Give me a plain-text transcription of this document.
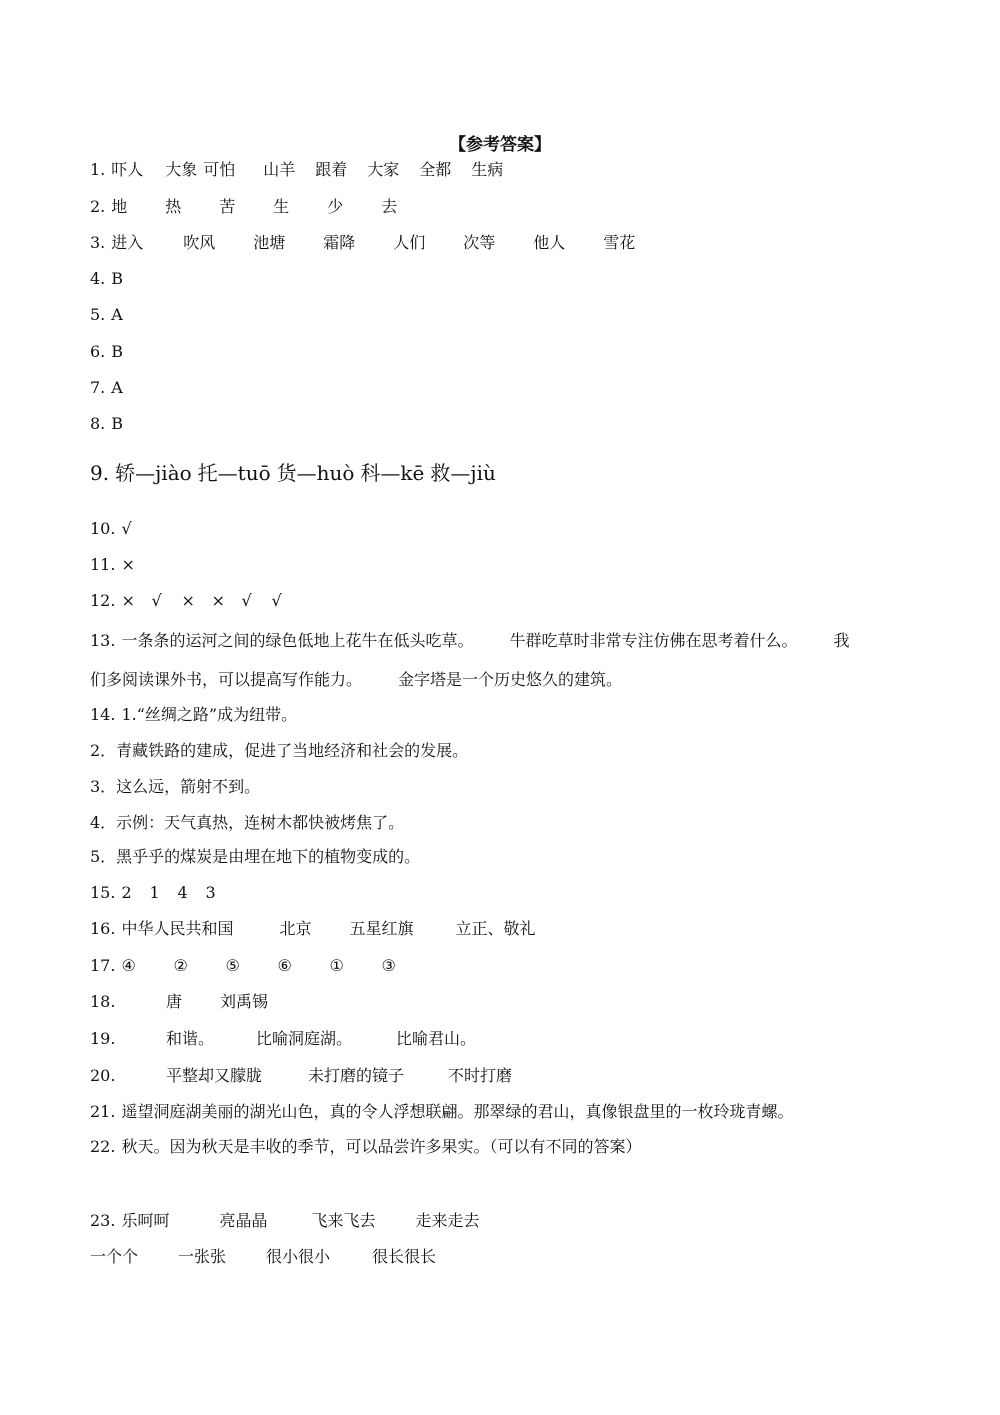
【参考答案】
1. 吓人 大象 可怕 山羊 跟着 大家 全都 生病
2. 地 热 苦 生 少 去
3. 进入 吹风 池塘 霜降 人们 次等 他人 雪花
4. B
5. A
6. B
7. A
8. B
9. 轿—jiào 托—tuō 货—huò 科—kē 救—jiù
10. √
11. ×
12. × √ × × √ √
13. 一条条的运河之间的绿色低地上花牛在低头吃草。 牛群吃草时非常专注仿佛在思考着什么。 我
们多阅读课外书，可以提高写作能力。 金字塔是一个历史悠久的建筑。
14. 1.“丝绸之路”成为纽带。
2．青藏铁路的建成，促进了当地经济和社会的发展。
3．这么远，箭射不到。
4．示例：天气真热，连树木都快被烤焦了。
5．黑乎乎的煤炭是由埋在地下的植物变成的。
15. 2 1 4 3
16. 中华人民共和国	北京 五星红旗	立正、敬礼
17. ④ ② ⑤ ⑥ ① ③
18.	唐 刘禹锡
19.	和谐。	比喻洞庭湖。	比喻君山。
20.	平整却又朦胧	未打磨的镜子	不时打磨
21. 遥望洞庭湖美丽的湖光山色，真的令人浮想联翩。那翠绿的君山，真像银盘里的一枚玲珑青螺。
22. 秋天。因为秋天是丰收的季节，可以品尝许多果实。（可以有不同的答案）
23. 乐呵呵	亮晶晶	飞来飞去 走来走去
一个个 一张张 很小很小	很长很长
